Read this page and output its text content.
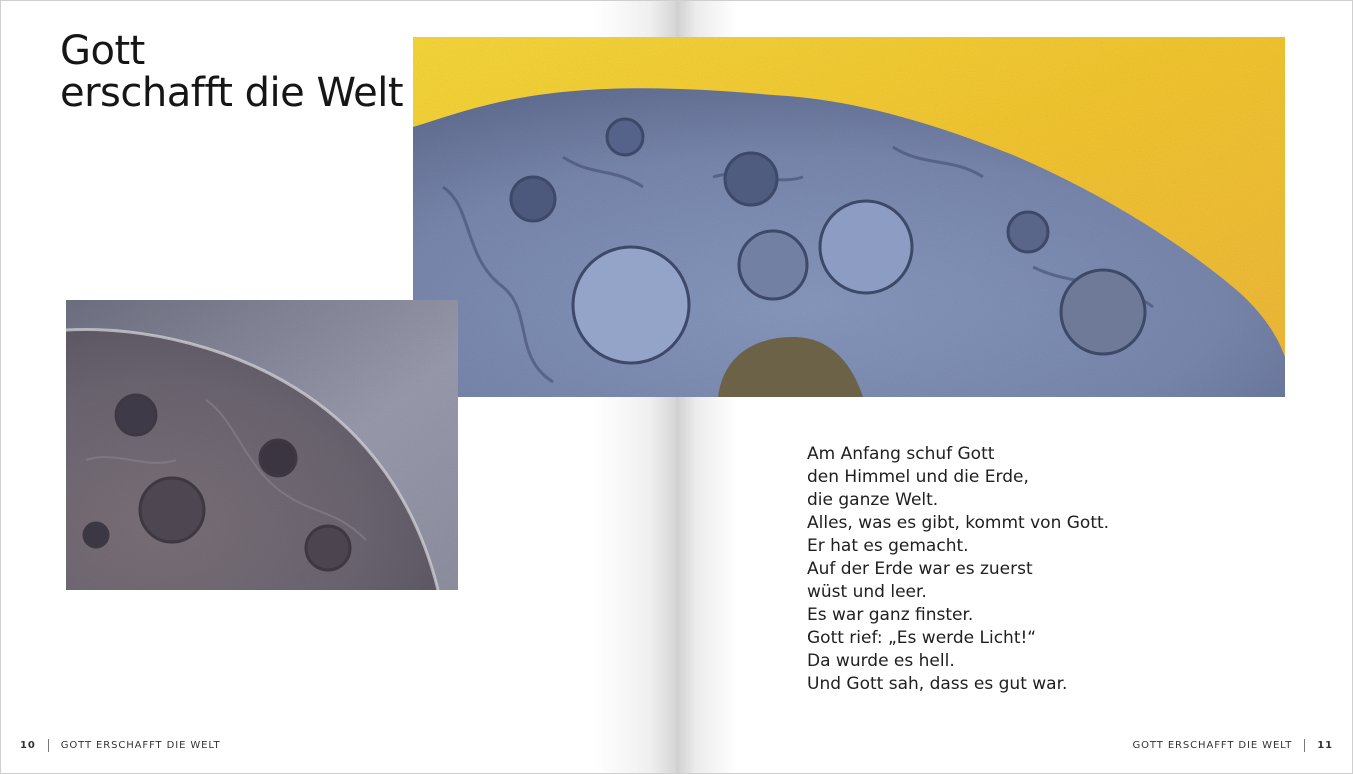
Gott
erschafft die Welt
Am Anfang schuf Gott
den Himmel und die Erde,
die ganze Welt.
Alles, was es gibt, kommt von Gott.
Er hat es gemacht.
Auf der Erde war es zuerst
wüst und leer.
Es war ganz finster.
Gott rief: „Es werde Licht!“
Da wurde es hell.
Und Gott sah, dass es gut war.
10	GOTT ERSCHAFFT DIE WELT	GOTT ERSCHAFFT DIE WELT	11
